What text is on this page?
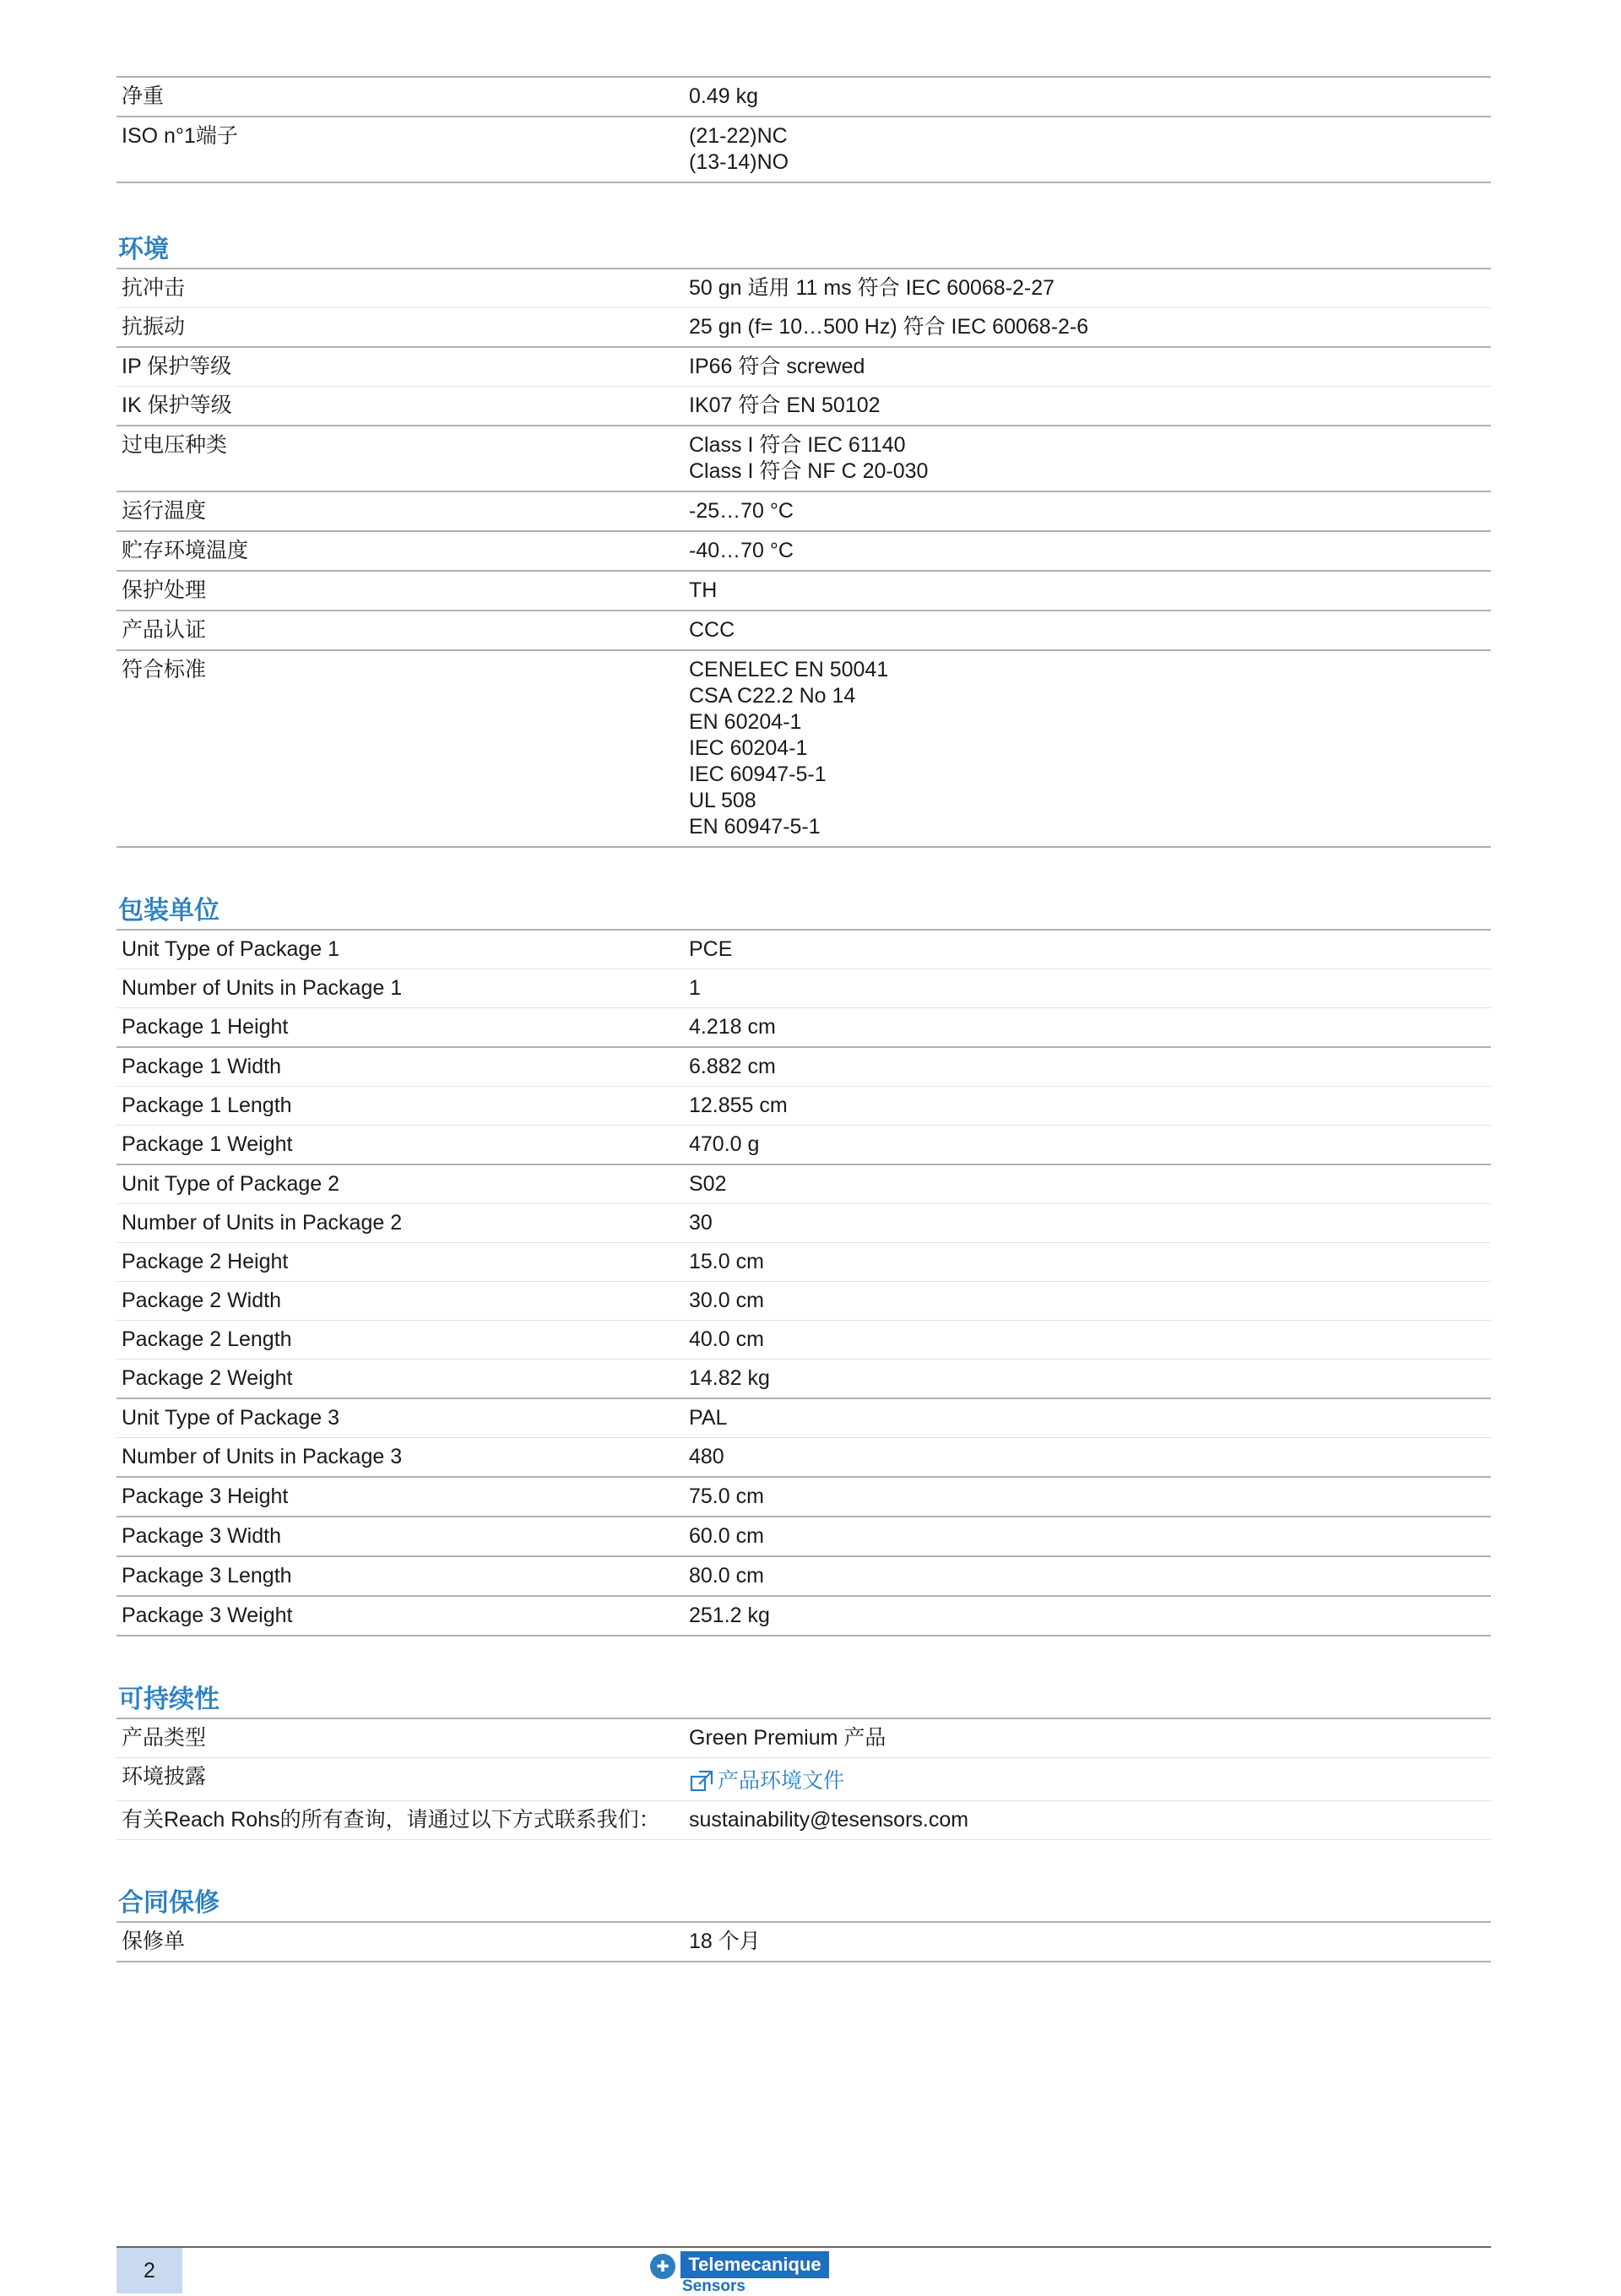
净重	0.49 kg
ISO n°1端子	(21-22)NC
(13-14)NO
环境
抗冲击	50 gn 适用 11 ms 符合 IEC 60068-2-27
抗振动	25 gn (f= 10…500 Hz) 符合 IEC 60068-2-6
IP 保护等级	IP66 符合 screwed
IK 保护等级	IK07 符合 EN 50102
过电压种类	Class I 符合 IEC 61140
Class I 符合 NF C 20-030
运行温度	-25…70 °C
贮存环境温度	-40…70 °C
保护处理	TH
产品认证	CCC
符合标准	CENELEC EN 50041
CSA C22.2 No 14
EN 60204-1
IEC 60204-1
IEC 60947-5-1
UL 508
EN 60947-5-1
包装单位
Unit Type of Package 1	PCE
Number of Units in Package 1	1
Package 1 Height	4.218 cm
Package 1 Width	6.882 cm
Package 1 Length	12.855 cm
Package 1 Weight	470.0 g
Unit Type of Package 2	S02
Number of Units in Package 2	30
Package 2 Height	15.0 cm
Package 2 Width	30.0 cm
Package 2 Length	40.0 cm
Package 2 Weight	14.82 kg
Unit Type of Package 3	PAL
Number of Units in Package 3	480
Package 3 Height	75.0 cm
Package 3 Width	60.0 cm
Package 3 Length	80.0 cm
Package 3 Weight	251.2 kg
可持续性
产品类型	Green Premium 产品
环境披露	产品环境文件
有关Reach Rohs的所有查询，请通过以下方式联系我们：	sustainability@tesensors.com
合同保修
保修单	18 个月
2	✚	Telemecanique
Sensors
